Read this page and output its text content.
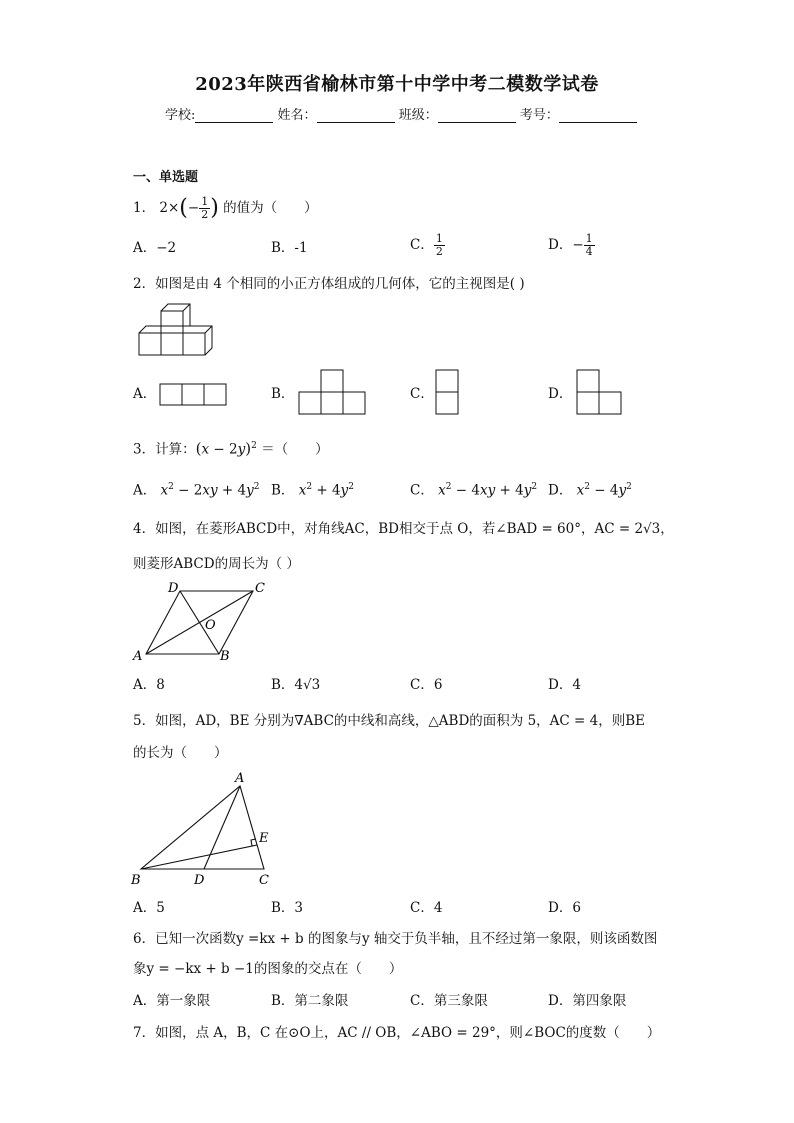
2023年陕西省榆林市第十中学中考二模数学试卷
学校:	姓名：	班级：	考号：
一、单选题
1． $2\times(- \frac{1}{2}$ ) 的值为（　　）
A．−2	B．-1	C． $\frac{1}{2}$	D．− $\frac{1}{4}$
2．如图是由 4 个相同的小正方体组成的几何体，它的主视图是( )
A．	B．	C．	D．
3．计算：$(x - 2y)^2$ ＝（　　）
A． $x^2 - 2xy + 4y^2$ B． $x^2 + 4y^2$	C． $x^2 - 4xy + 4y^2$ D． $x^2 - 4y^2$
4．如图，在菱形ABCD中，对角线AC，BD相交于点 O，若∠BAD = 60°，AC = 2√3，
则菱形ABCD的周长为（ ）
D	C
O
A	B
A．8	B．4√3	C．6	D．4
5．如图，AD，BE 分别为∇ABC的中线和高线，△ABD的面积为 5，AC = 4，则BE
的长为（　　）
A
E
B	D	C
A．5	B．3	C．4	D．6
6．已知一次函数y =kx + b 的图象与y 轴交于负半轴，且不经过第一象限，则该函数图
象y = −kx + b −1的图象的交点在（　　）
A．第一象限	B．第二象限	C．第三象限	D．第四象限
7．如图，点 A，B，C 在⊙O上，AC // OB，∠ABO = 29°，则∠BOC的度数（　　）
